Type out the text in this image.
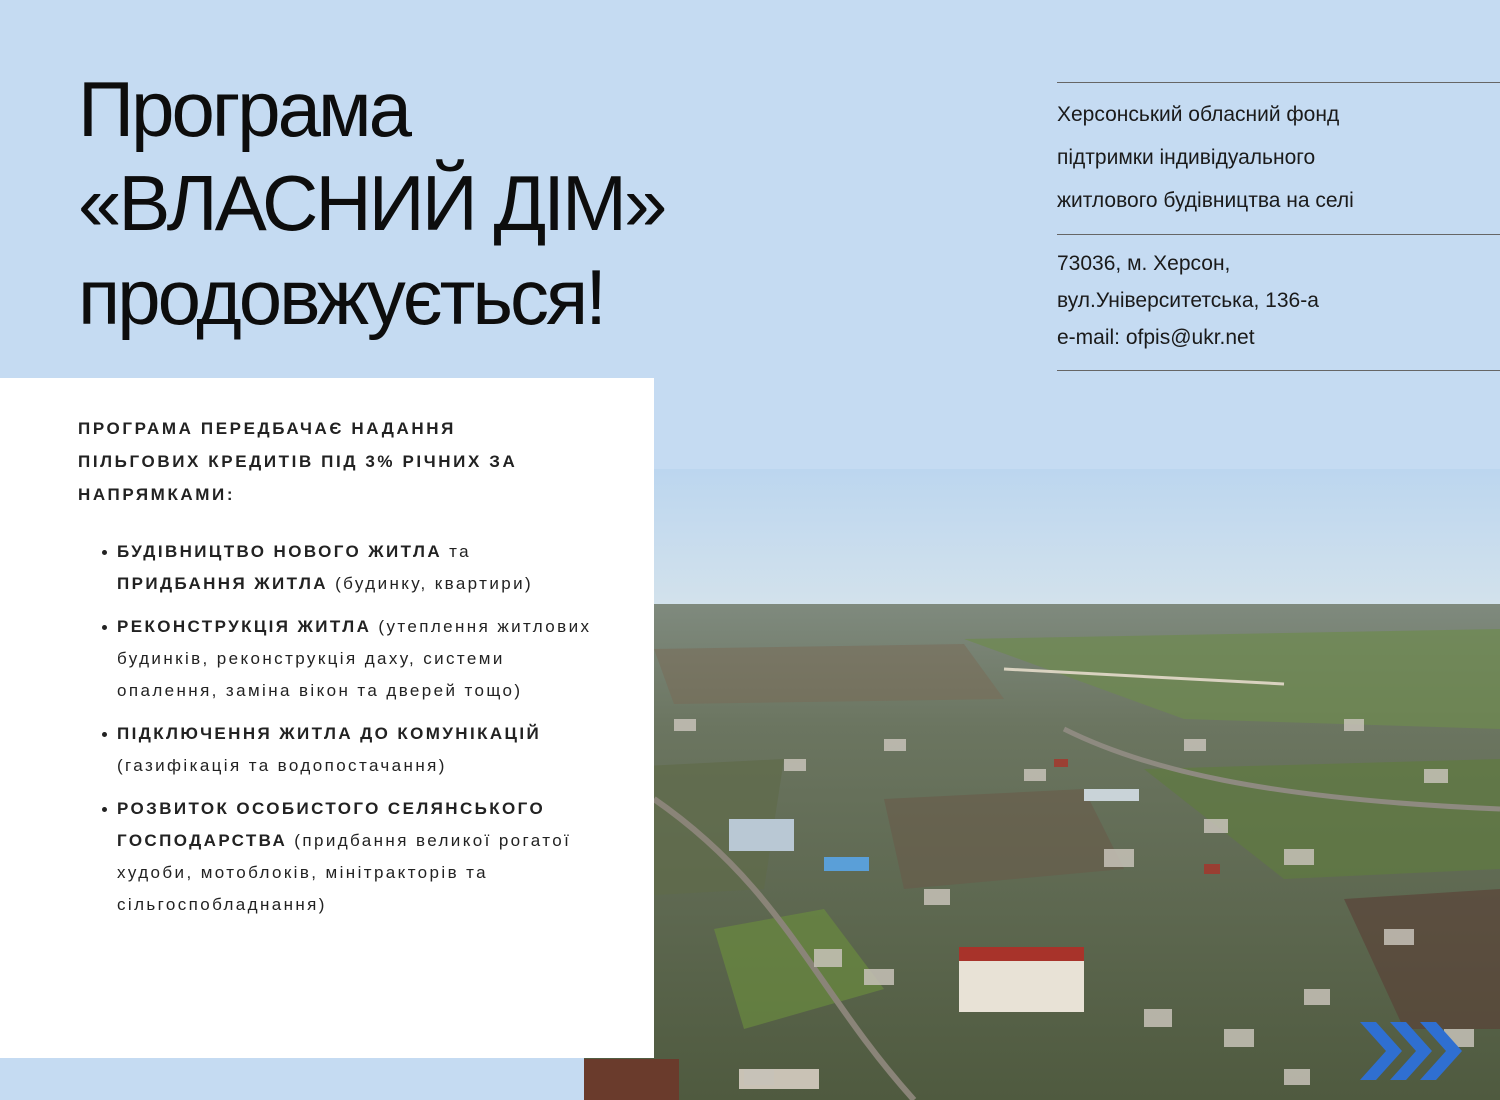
Програма
«ВЛАСНИЙ ДІМ»
продовжується!
Херсонський обласний фонд
підтримки індивідуального
житлового будівництва на селі
73036, м. Херсон,
вул.Університетська, 136-а
e-mail: ofpis@ukr.net

ПРОГРАМА ПЕРЕДБАЧАЄ НАДАННЯ ПІЛЬГОВИХ КРЕДИТІВ ПІД 3% РІЧНИХ ЗА НАПРЯМКАМИ:

БУДІВНИЦТВО НОВОГО ЖИТЛА та ПРИДБАННЯ ЖИТЛА (будинку, квартири)
РЕКОНСТРУКЦІЯ ЖИТЛА (утеплення житлових будинків, реконструкція даху, системи опалення, заміна вікон та дверей тощо)
ПІДКЛЮЧЕННЯ ЖИТЛА ДО КОМУНІКАЦІЙ (газифікація та водопостачання)
РОЗВИТОК ОСОБИСТОГО СЕЛЯНСЬКОГО ГОСПОДАРСТВА (придбання великої рогатої худоби, мотоблоків, мінітракторів та сільгоспобладнання)
